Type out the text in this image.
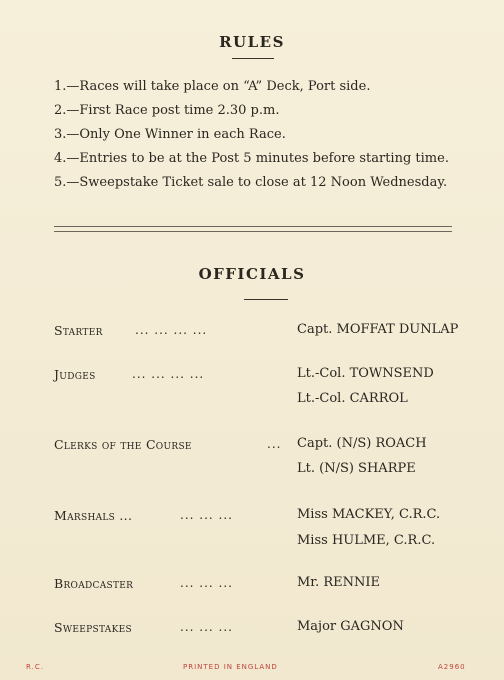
RULES
1.—Races will take place on “A” Deck, Port side.
2.—First Race post time 2.30 p.m.
3.—Only One Winner in each Race.
4.—Entries to be at the Post 5 minutes before starting time.
5.—Sweepstake Ticket sale to close at 12 Noon Wednesday.
OFFICIALS
Starter	... ... ... ...	Capt. MOFFAT DUNLAP
Judges	... ... ... ...	Lt.-Col. TOWNSEND
Lt.-Col. CARROL
Clerks of the Course	... Capt. (N/S) ROACH
Lt. (N/S) SHARPE
Marshals ...	... ... ...	Miss MACKEY, C.R.C.
Miss HULME, C.R.C.
Broadcaster	... ... ...	Mr. RENNIE
Sweepstakes	... ... ...	Major GAGNON
R.C.	PRINTED IN ENGLAND	A2960
